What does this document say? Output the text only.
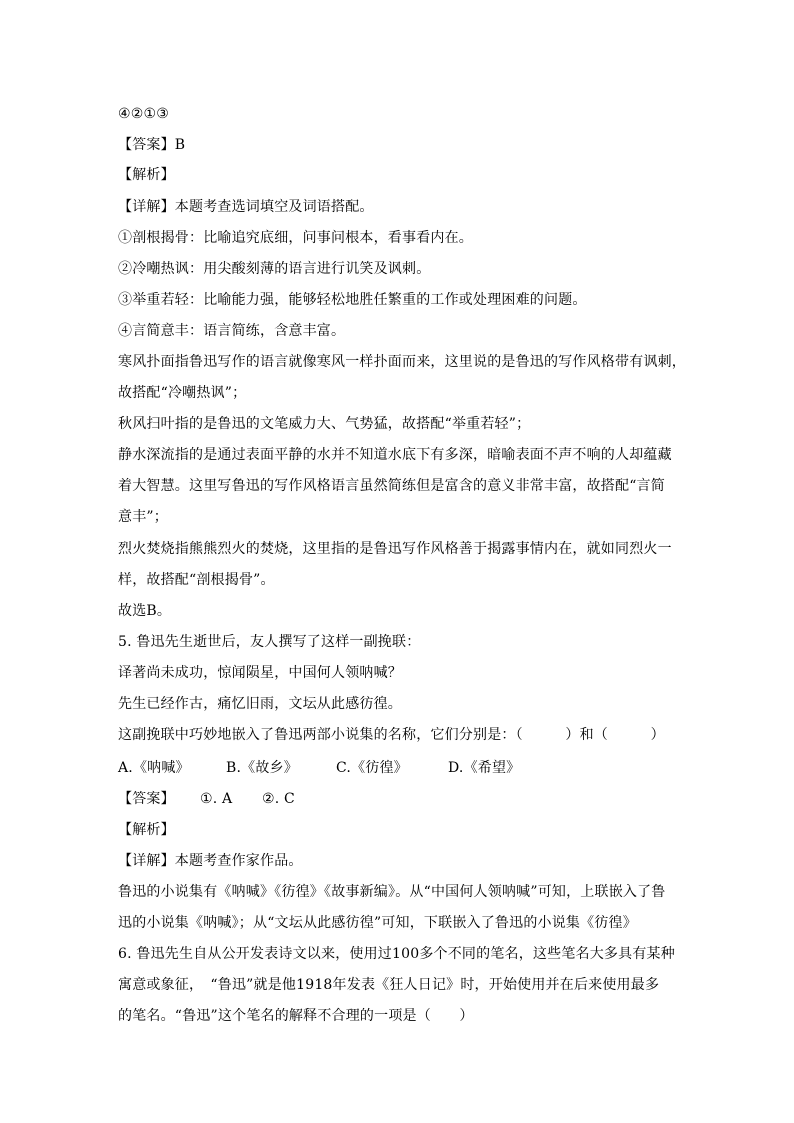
④②①③
【答案】B
【解析】
【详解】本题考查选词填空及词语搭配。
①剖根揭骨：比喻追究底细，问事问根本，看事看内在。
②冷嘲热讽：用尖酸刻薄的语言进行讥笑及讽刺。
③举重若轻：比喻能力强，能够轻松地胜任繁重的工作或处理困难的问题。
④言简意丰：语言简练，含意丰富。
寒风扑面指鲁迅写作的语言就像寒风一样扑面而来，这里说的是鲁迅的写作风格带有讽刺，
故搭配“冷嘲热讽”；
秋风扫叶指的是鲁迅的文笔威力大、气势猛，故搭配“举重若轻”；
静水深流指的是通过表面平静的水并不知道水底下有多深，暗喻表面不声不响的人却蕴藏
着大智慧。这里写鲁迅的写作风格语言虽然简练但是富含的意义非常丰富，故搭配“言简
意丰”；
烈火焚烧指熊熊烈火的焚烧，这里指的是鲁迅写作风格善于揭露事情内在，就如同烈火一
样，故搭配“剖根揭骨”。
故选B。
5. 鲁迅先生逝世后，友人撰写了这样一副挽联：
译著尚未成功，惊闻陨星，中国何人领呐喊？
先生已经作古，痛忆旧雨，文坛从此感彷徨。
这副挽联中巧妙地嵌入了鲁迅两部小说集的名称，它们分别是：（　　　）和（　　　）
A.《呐喊》	B.《故乡》	C.《彷徨》	D.《希望》
【答案】 ①. A ②. C
【解析】
【详解】本题考查作家作品。
鲁迅的小说集有《呐喊》《彷徨》《故事新编》。从“中国何人领呐喊”可知，上联嵌入了鲁
迅的小说集《呐喊》；从“文坛从此感彷徨”可知，下联嵌入了鲁迅的小说集《彷徨》
6. 鲁迅先生自从公开发表诗文以来，使用过100多个不同的笔名，这些笔名大多具有某种
寓意或象征，　“鲁迅”就是他1918年发表《狂人日记》时，开始使用并在后来使用最多
的笔名。“鲁迅”这个笔名的解释不合理的一项是（　　）
